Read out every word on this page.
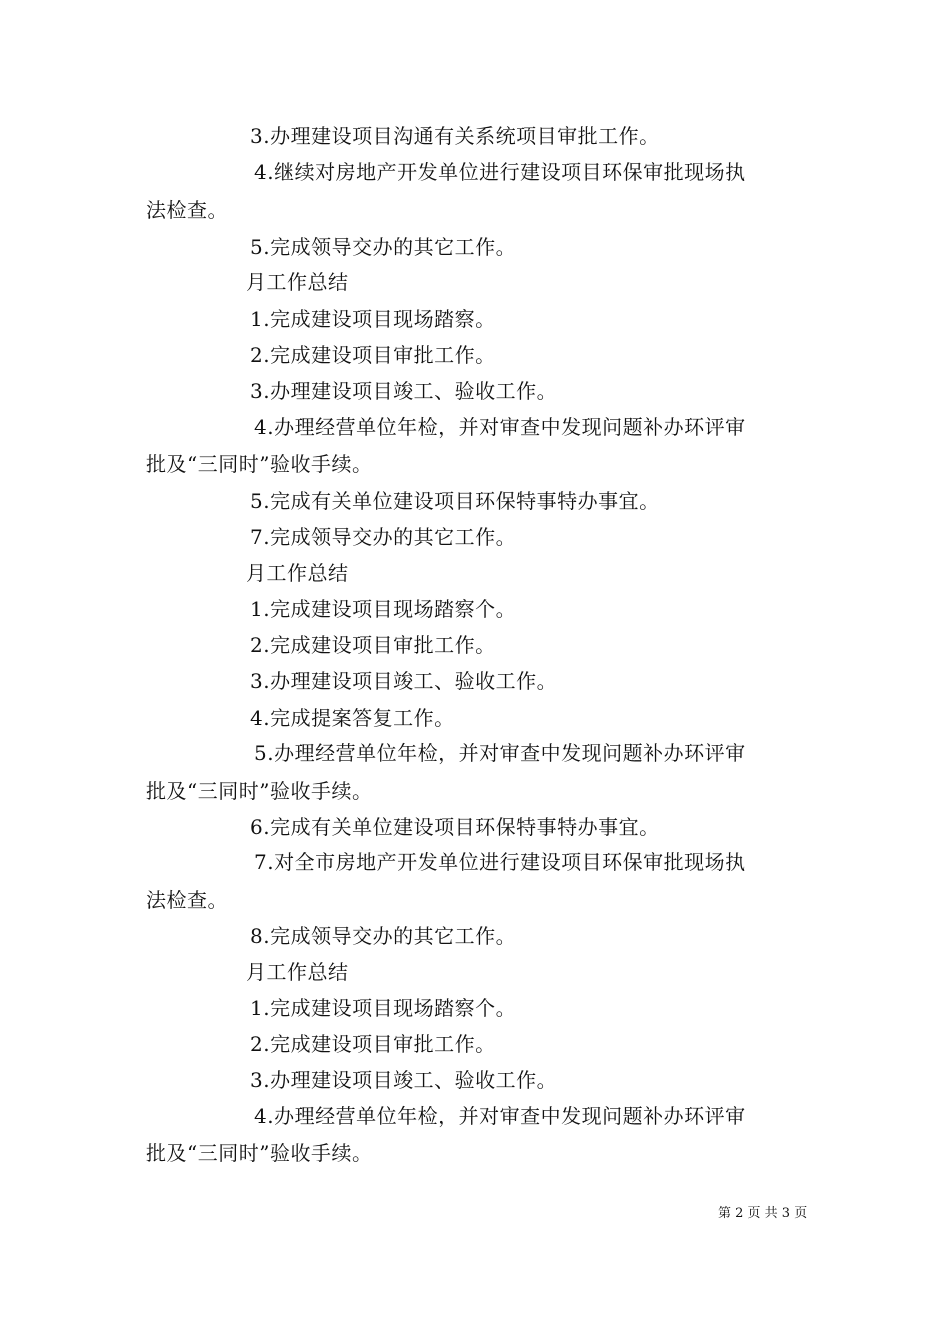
3.办理建设项目沟通有关系统项目审批工作。
4.继续对房地产开发单位进行建设项目环保审批现场执
法检查。
5.完成领导交办的其它工作。
月工作总结
1.完成建设项目现场踏察。
2.完成建设项目审批工作。
3.办理建设项目竣工、验收工作。
4.办理经营单位年检，并对审查中发现问题补办环评审
批及“三同时”验收手续。
5.完成有关单位建设项目环保特事特办事宜。
7.完成领导交办的其它工作。
月工作总结
1.完成建设项目现场踏察个。
2.完成建设项目审批工作。
3.办理建设项目竣工、验收工作。
4.完成提案答复工作。
5.办理经营单位年检，并对审查中发现问题补办环评审
批及“三同时”验收手续。
6.完成有关单位建设项目环保特事特办事宜。
7.对全市房地产开发单位进行建设项目环保审批现场执
法检查。
8.完成领导交办的其它工作。
月工作总结
1.完成建设项目现场踏察个。
2.完成建设项目审批工作。
3.办理建设项目竣工、验收工作。
4.办理经营单位年检，并对审查中发现问题补办环评审
批及“三同时”验收手续。
第 2 页 共 3 页
